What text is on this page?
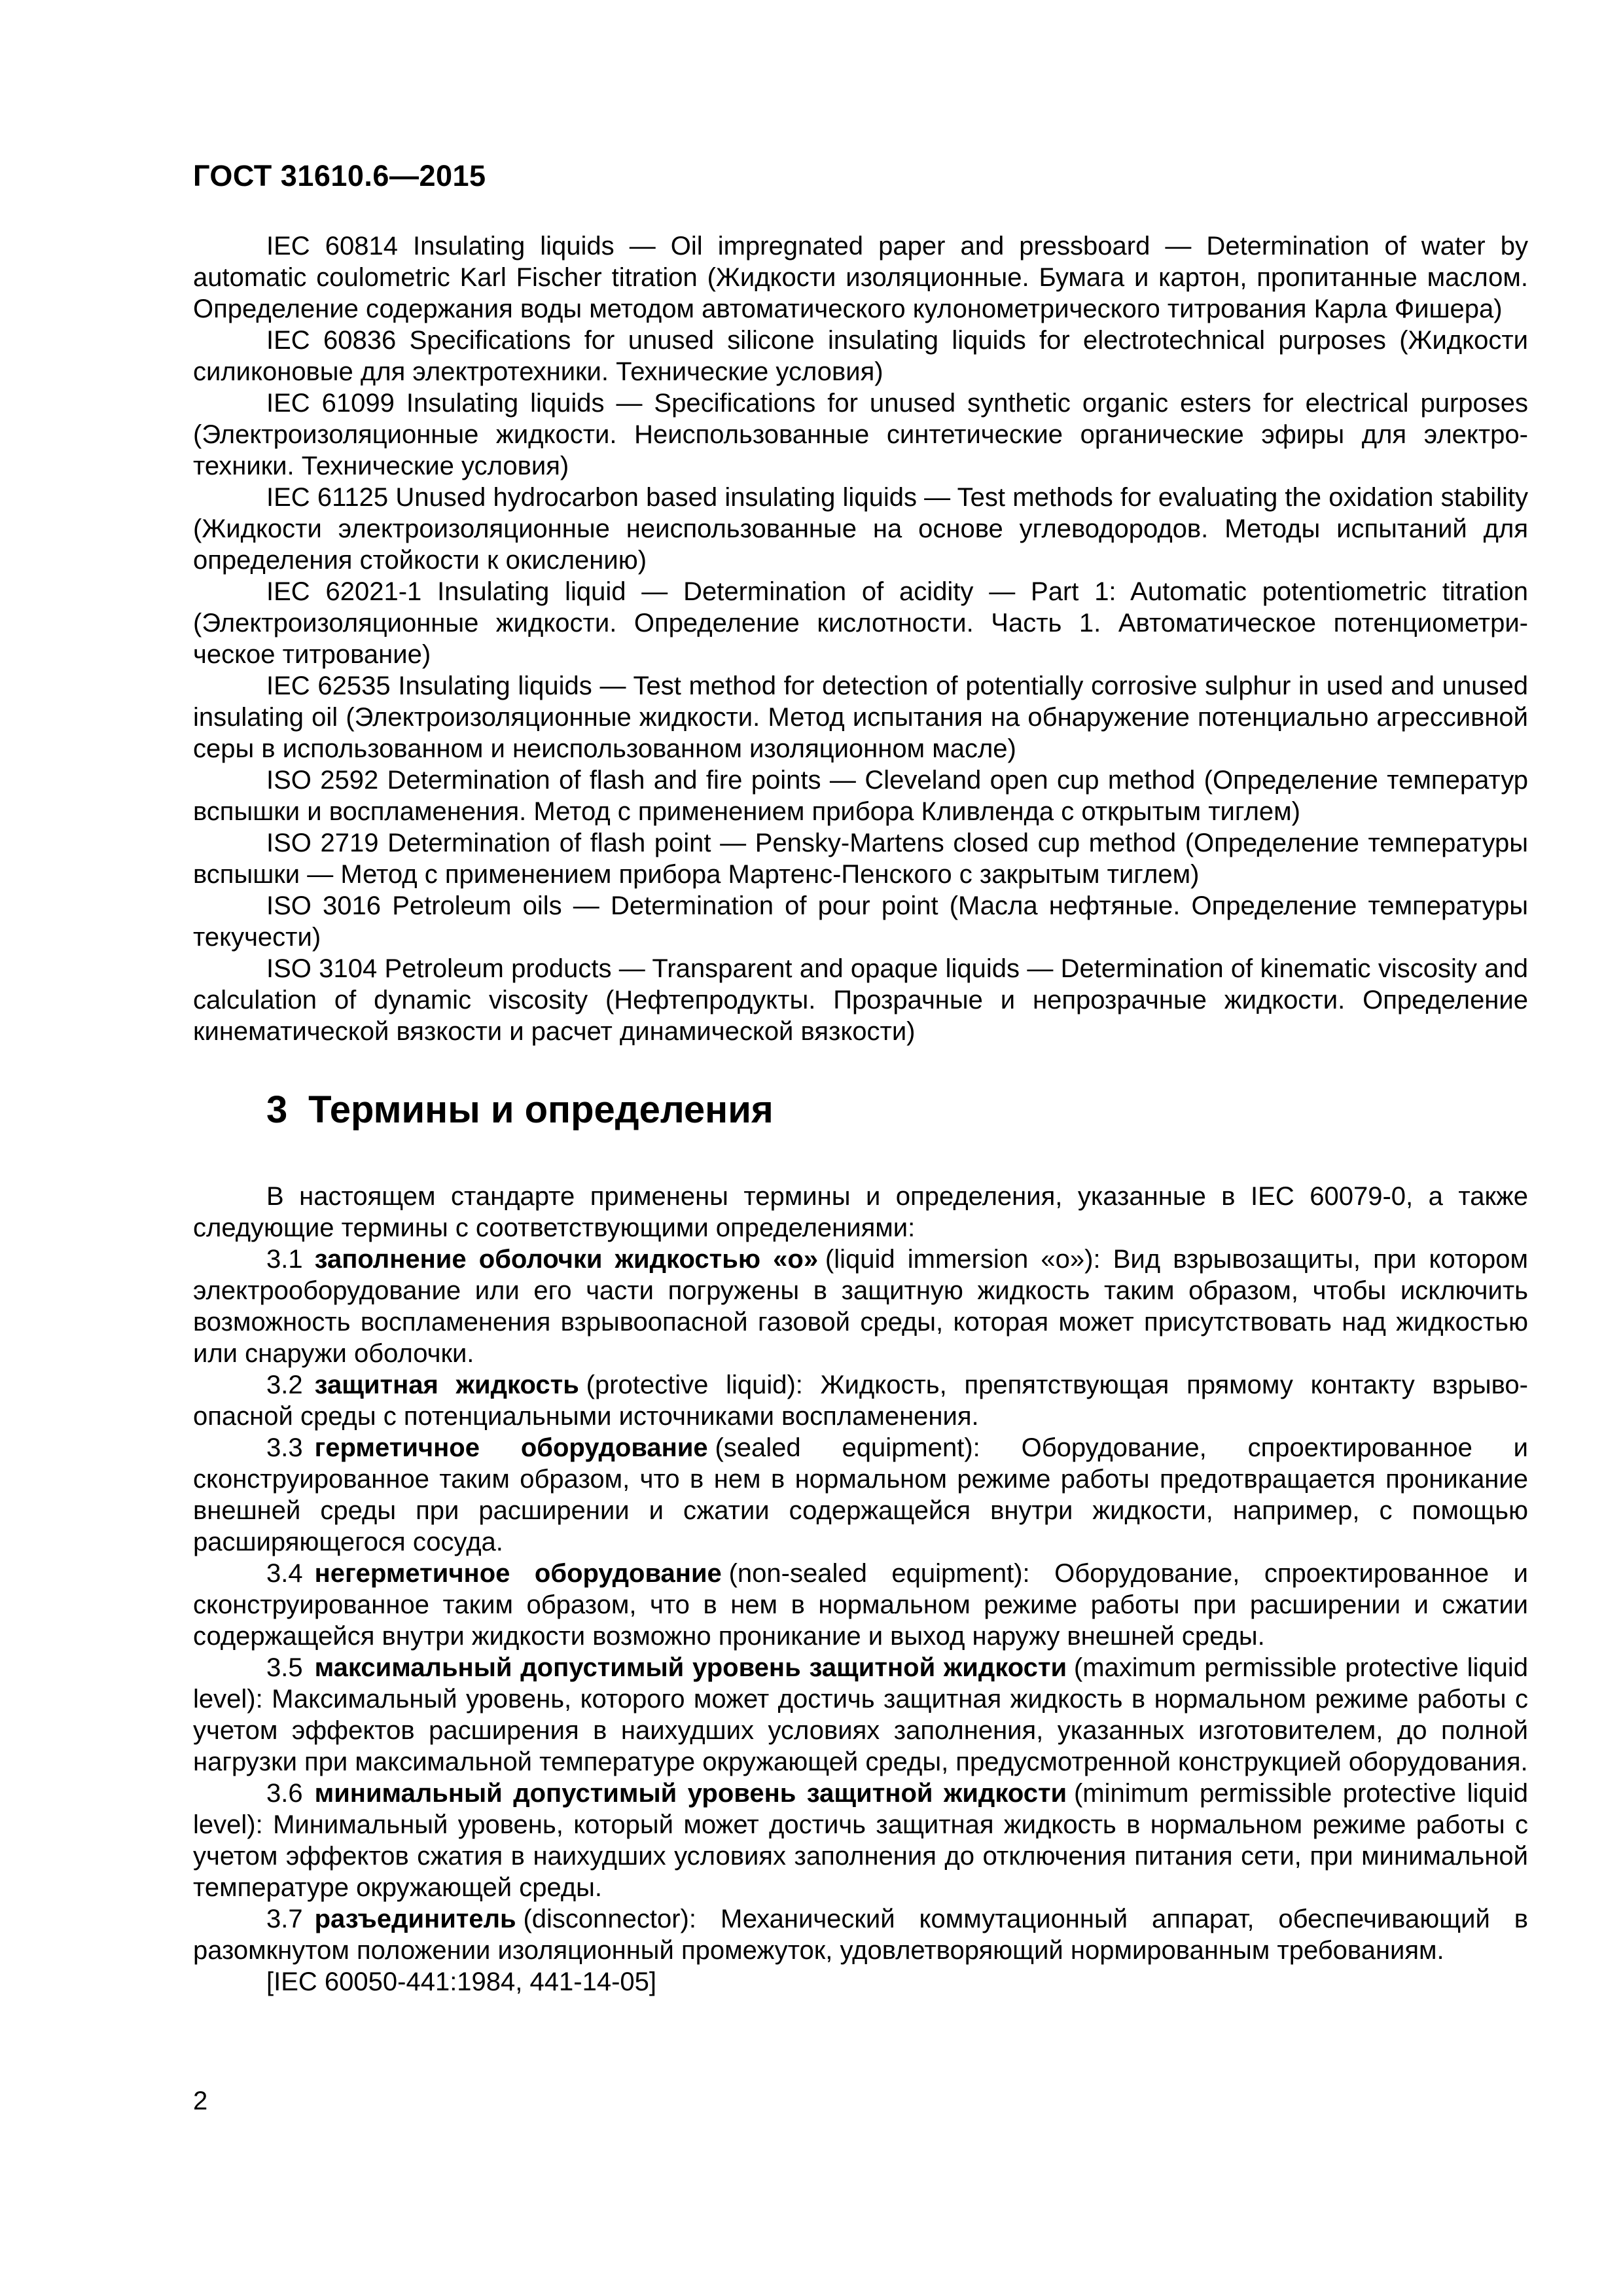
ГОСТ 31610.6—2015

IEC 60814 Insulating liquids — Oil impregnated paper and pressboard — Determination of water by automatic coulometric Karl Fischer titration (Жидкости изоляционные. Бумага и картон, пропитанные маслом. Определение содержания воды методом автоматического кулонометрического титрования Карла Фишера)

IEC 60836 Specifications for unused silicone insulating liquids for electrotechnical purposes (Жидкости силиконовые для электротехники. Технические условия)

IEC 61099 Insulating liquids — Specifications for unused synthetic organic esters for electrical purposes (Электроизоляционные жидкости. Неиспользованные синтетические органические эфиры для электротехники. Технические условия)

IEC 61125 Unused hydrocarbon based insulating liquids — Test methods for evaluating the oxidation stability (Жидкости электроизоляционные неиспользованные на основе углеводородов. Методы испытаний для определения стойкости к окислению)

IEC 62021-1 Insulating liquid — Determination of acidity — Part 1: Automatic potentiometric titration (Электроизоляционные жидкости. Определение кислотности. Часть 1. Автоматическое потенциометрическое титрование)

IEC 62535 Insulating liquids — Test method for detection of potentially corrosive sulphur in used and unused insulating oil (Электроизоляционные жидкости. Метод испытания на обнаружение потенциально агрессивной серы в использованном и неиспользованном изоляционном масле)

ISO 2592 Determination of flash and fire points — Cleveland open cup method (Определение температур вспышки и воспламенения. Метод с применением прибора Кливленда с открытым тиглем)

ISO 2719 Determination of flash point — Pensky-Martens closed cup method (Определение температуры вспышки — Метод с применением прибора Мартенс-Пенского с закрытым тиглем)

ISO 3016 Petroleum oils — Determination of pour point (Масла нефтяные. Определение температуры текучести)

ISO 3104 Petroleum products — Transparent and opaque liquids — Determination of kinematic viscosity and calculation of dynamic viscosity (Нефтепродукты. Прозрачные и непрозрачные жидкости. Определение кинематической вязкости и расчет динамической вязкости)

3 Термины и определения

В настоящем стандарте применены термины и определения, указанные в IEC 60079-0, а также следующие термины с соответствующими определениями:

3.1 заполнение оболочки жидкостью «о» (liquid immersion «о»): Вид взрывозащиты, при котором электрооборудование или его части погружены в защитную жидкость таким образом, чтобы исключить возможность воспламенения взрывоопасной газовой среды, которая может присутствовать над жидкостью или снаружи оболочки.

3.2 защитная жидкость (protective liquid): Жидкость, препятствующая прямому контакту взрывоопасной среды с потенциальными источниками воспламенения.

3.3 герметичное оборудование (sealed equipment): Оборудование, спроектированное и сконструированное таким образом, что в нем в нормальном режиме работы предотвращается проникание внешней среды при расширении и сжатии содержащейся внутри жидкости, например, с помощью расширяющегося сосуда.

3.4 негерметичное оборудование (non-sealed equipment): Оборудование, спроектированное и сконструированное таким образом, что в нем в нормальном режиме работы при расширении и сжатии содержащейся внутри жидкости возможно проникание и выход наружу внешней среды.

3.5 максимальный допустимый уровень защитной жидкости (maximum permissible protective liquid level): Максимальный уровень, которого может достичь защитная жидкость в нормальном режиме работы с учетом эффектов расширения в наихудших условиях заполнения, указанных изготовителем, до полной нагрузки при максимальной температуре окружающей среды, предусмотренной конструкцией оборудования.

3.6 минимальный допустимый уровень защитной жидкости (minimum permissible protective liquid level): Минимальный уровень, который может достичь защитная жидкость в нормальном режиме работы с учетом эффектов сжатия в наихудших условиях заполнения до отключения питания сети, при минимальной температуре окружающей среды.

3.7 разъединитель (disconnector): Механический коммутационный аппарат, обеспечивающий в разомкнутом положении изоляционный промежуток, удовлетворяющий нормированным требованиям.

[IEC 60050-441:1984, 441-14-05]

2
